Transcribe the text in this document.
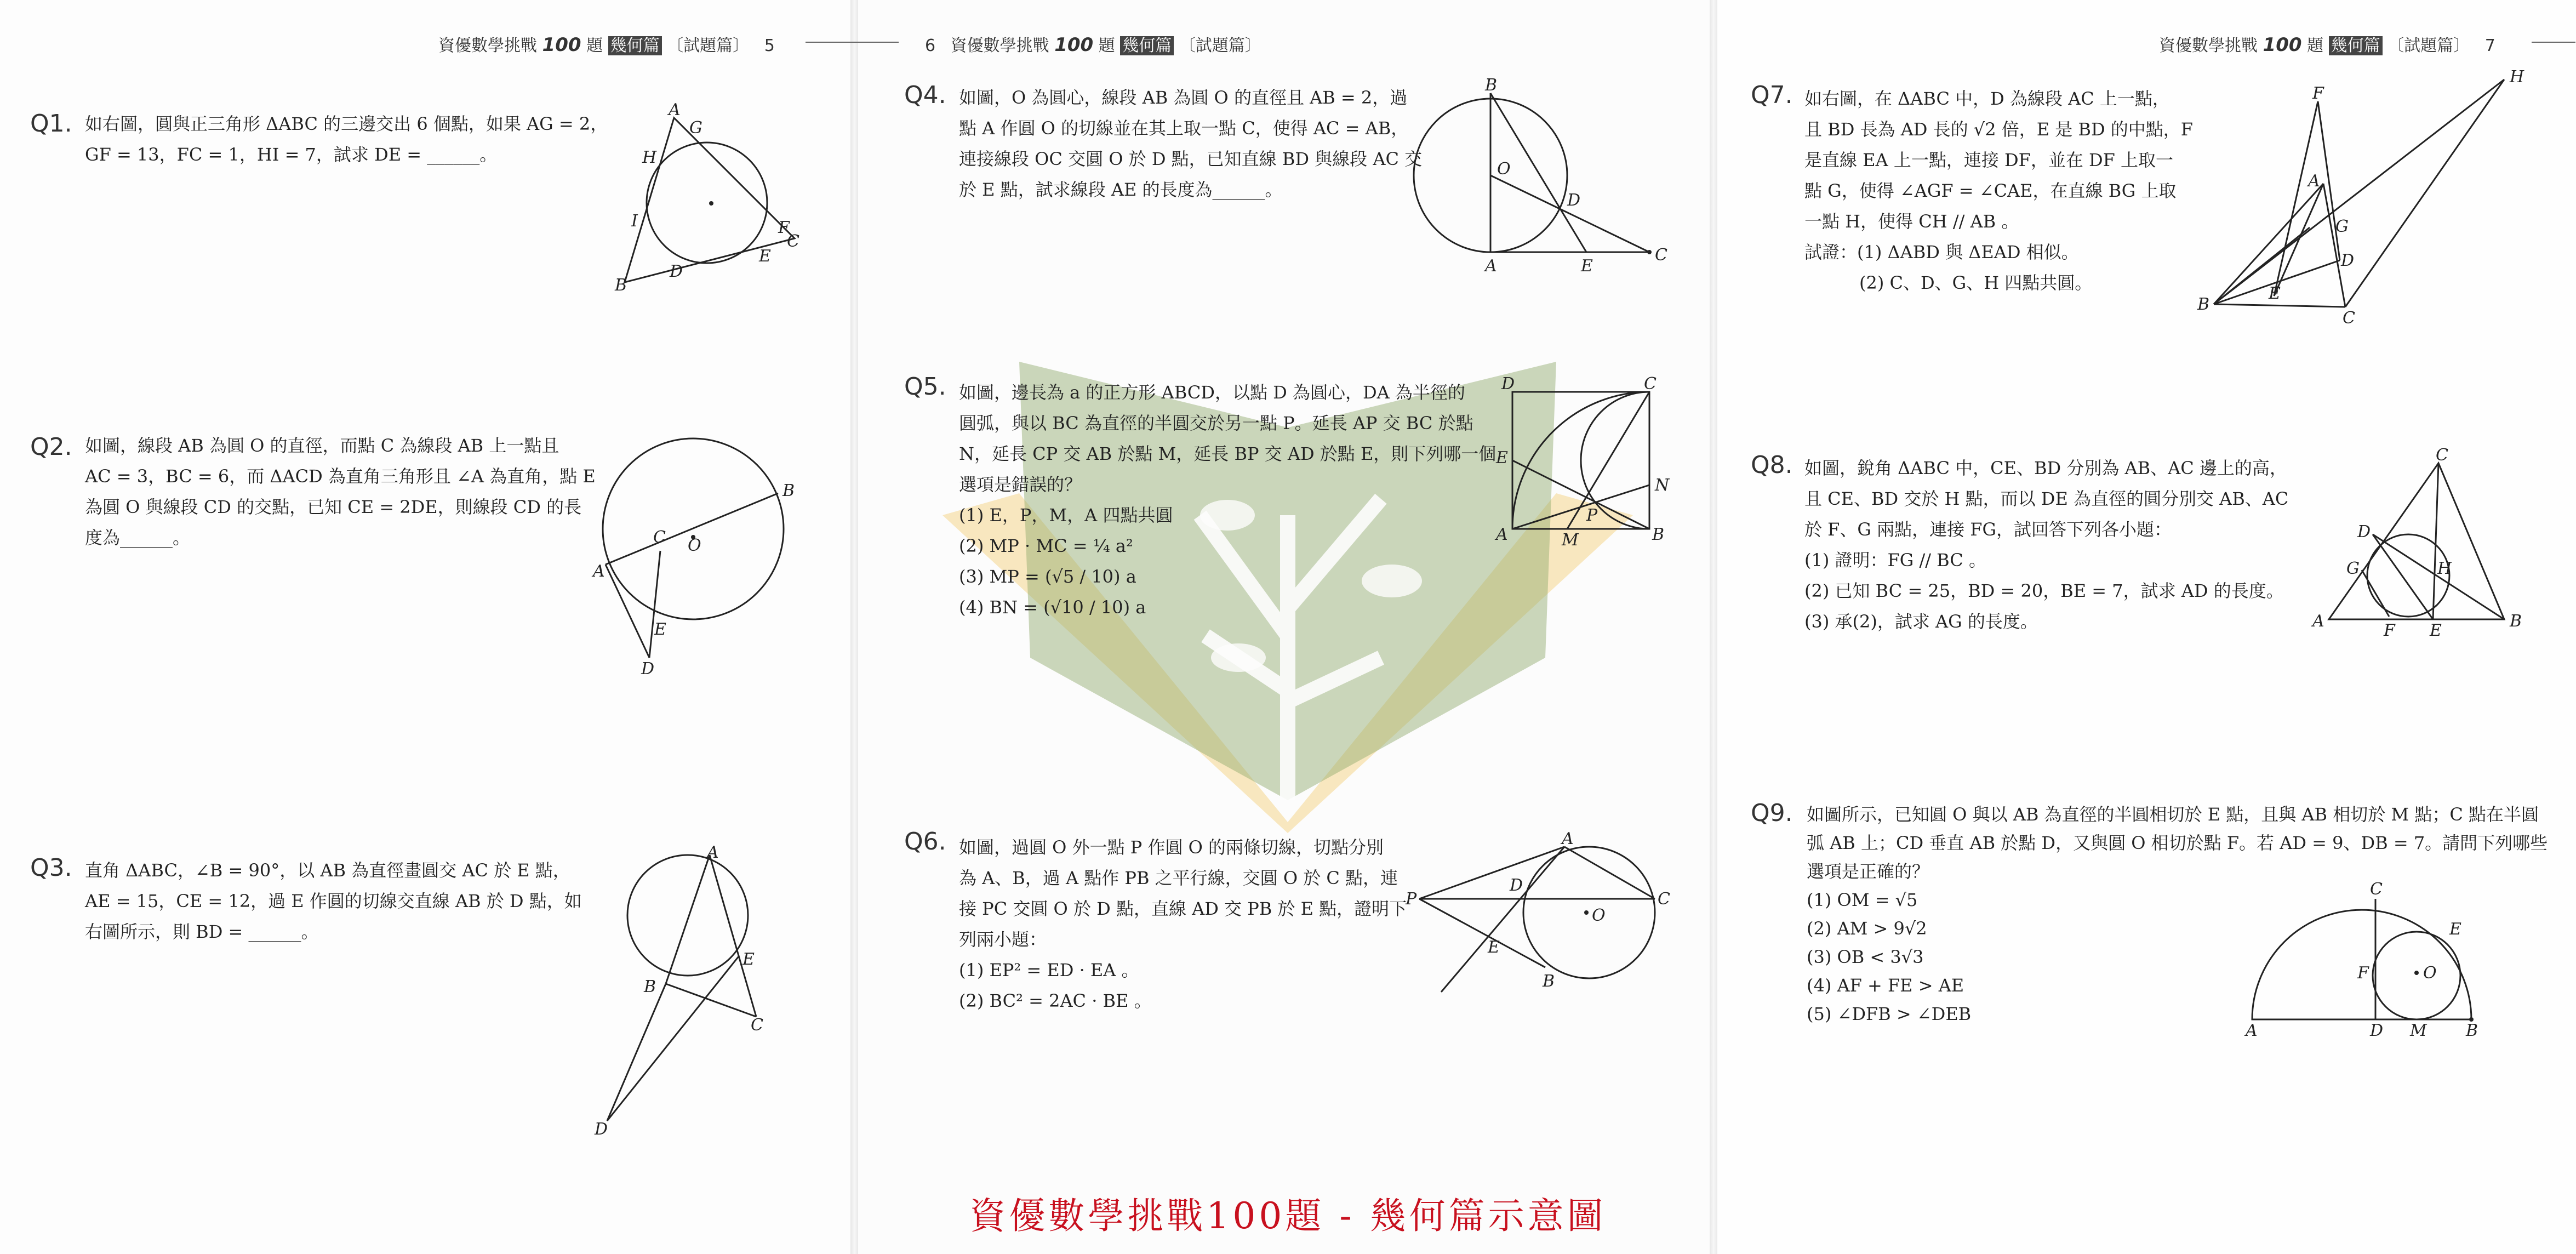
資優數學挑戰 100 題 幾何篇 〔試題篇〕 5	6 資優數學挑戰 100 題 幾何篇 〔試題篇〕	資優數學挑戰 100 題 幾何篇 〔試題篇〕 7
Q1. 如右圖，圓與正三角形 ΔABC 的三邊交出 6 個點，如果 AG = 2，
GF = 13，FC = 1，HI = 7，試求 DE = ______。
A
G
H
I	F
C
E
D
B
Q2. 如圖，線段 AB 為圓 O 的直徑，而點 C 為線段 AB 上一點且
AC = 3，BC = 6，而 ΔACD 為直角三角形且 ∠A 為直角，點 E
為圓 O 與線段 CD 的交點，已知 CE = 2DE，則線段 CD 的長
度為______。
B
C O
A
E
D
Q3. 直角 ΔABC，∠B = 90°，以 AB 為直徑畫圓交 AC 於 E 點，
AE = 15，CE = 12，過 E 作圓的切線交直線 AB 於 D 點，如
右圖所示，則 BD = ______。
A
E
B
C
D
Q4. 如圖，O 為圓心，線段 AB 為圓 O 的直徑且 AB = 2，過
點 A 作圓 O 的切線並在其上取一點 C，使得 AC = AB，
連接線段 OC 交圓 O 於 D 點，已知直線 BD 與線段 AC 交
於 E 點，試求線段 AE 的長度為______。
B
O
D
A	E
C
Q5. 如圖，邊長為 a 的正方形 ABCD，以點 D 為圓心，DA 為半徑的
圓弧，與以 BC 為直徑的半圓交於另一點 P。延長 AP 交 BC 於點
N，延長 CP 交 AB 於點 M，延長 BP 交 AD 於點 E，則下列哪一個
選項是錯誤的？
(1) E，P，M，A 四點共圓
(2) MP · MC = ¼ a²
(3) MP = (√5 / 10) a
(4) BN = (√10 / 10) a
D	C
E
N
A	M
P
B
Q6. 如圖，過圓 O 外一點 P 作圓 O 的兩條切線，切點分別
為 A、B，過 A 點作 PB 之平行線，交圓 O 於 C 點，連
接 PC 交圓 O 於 D 點，直線 AD 交 PB 於 E 點，證明下
列兩小題：
(1) EP² = ED · EA 。
(2) BC² = 2AC · BE 。
A
D
O
P	C
E
B
Q7. 如右圖，在 ΔABC 中，D 為線段 AC 上一點，
且 BD 長為 AD 長的 √2 倍，E 是 BD 的中點，F
是直線 EA 上一點，連接 DF，並在 DF 上取一
點 G，使得 ∠AGF = ∠CAE，在直線 BG 上取
一點 H，使得 CH // AB 。
試證：(1) ΔABD 與 ΔEAD 相似。
(2) C、D、G、H 四點共圓。
H
F
A
G
D
B
E
C
Q8. 如圖，銳角 ΔABC 中，CE、BD 分別為 AB、AC 邊上的高，
且 CE、BD 交於 H 點，而以 DE 為直徑的圓分別交 AB、AC
於 F、G 兩點，連接 FG，試回答下列各小題：
(1) 證明：FG // BC 。
(2) 已知 BC = 25，BD = 20，BE = 7，試求 AD 的長度。
(3) 承(2)，試求 AG 的長度。
C
D
G	H
A	F E	B
Q9. 如圖所示，已知圓 O 與以 AB 為直徑的半圓相切於 E 點，且與 AB 相切於 M 點；C 點在半圓
弧 AB 上；CD 垂直 AB 於點 D，又與圓 O 相切於點 F。若 AD = 9、DB = 7。請問下列哪些
選項是正確的？
(1) OM = √5
(2) AM > 9√2
(3) OB < 3√3
(4) AF + FE > AE
(5) ∠DFB > ∠DEB
C
E
F	O
A	D M B
資優數學挑戰100題 - 幾何篇示意圖
